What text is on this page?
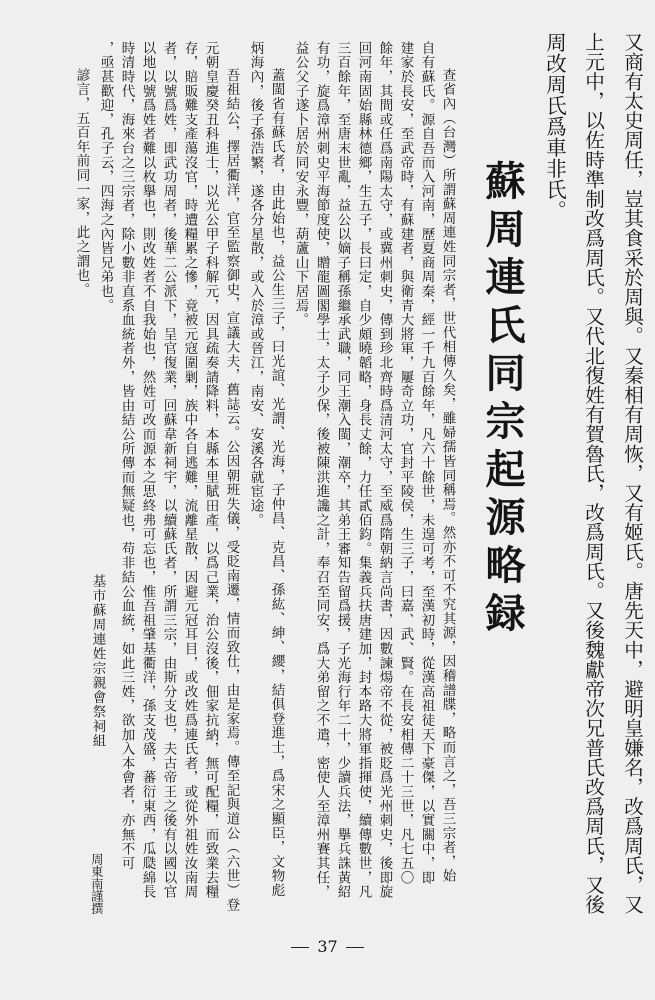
又商有太史周任，豈其食采於周與。又秦相有周恢，又有姬氏。唐先天中，避明皇嫌名，改爲周氏，又
上元中，以佐時準制改爲周氏。又代北復姓有賀魯氏，改爲周氏。又後魏獻帝次兄普氏改爲周氏，又後
周改周氏爲車非氏。
蘇周連氏同宗起源略録
查省內（台灣）所謂蘇周連姓同宗者，世代相傳久矣，雖婦孺皆同稱焉。然亦不可不究其源，因稽譜牒，略而言之，吾三宗者，始
自有蘇氏。源自吾而入河南，歷夏商周秦，經一千九百餘年，凡六十餘世，未遑可考，至漢初時，從漢高祖徒天下豪傑，以實關中，即
建家於長安，至武帝時，有蘇建者，與衛青大將軍，屢奇立功，官封平陵侯，生三子，曰嘉、武、賢。在長安相傳二十三世，凡七五〇
餘年，其間或任爲南陽太守，或冀州刺史，傳到珍北齊時爲清河太守，至威爲隋朝納言尚書，因數諫煬帝不從，被貶爲光州刺史，後即旋
回河南固始縣林德鄉，生五子，長曰定，自少頗曉韜略，身長丈餘，力任貳佰鈞。集義兵扶唐建加，封本路大將軍指揮使，續傳數世，凡
三百餘年，至唐末世亂，益公以嫡子稱孫繼承武職，同王潮入閩，潮卒，其弟王審知告留爲援，子光海行年二十，少讀兵法，擧兵誅黃紹
有功，旋爲漳州刺史平海節度使，贈龍圖閣學士，太子少保，後被陳洪進讒之計，奉召至同安，爲大弟留之不遣，密使人至漳州賽其任，
益公父子遂卜居於同安永豐，葫蘆山下居焉。
蓋閩省有蘇氏者，由此始也，益公生三子，曰光誼、光謂、光海，子仲昌、克昌、孫紘、紳、纓，結俱登進士，爲宋之顯臣，文物彪
炳海內，後子孫浩繁，遂各分星散，或入於漳或晉江，南安、安溪各就宦途。
吾祖結公，擇居衢洋，官至監察御史，宣議大夫，舊誌云。公因朝班失儀，受貶南遷，情而致仕，由是家焉。傳至記與道公（六世）登
元朝皇慶癸丑科進士，以光公甲子科解元，因具疏奏請降料，本縣本里賦田產，以爲己業，治公沒後，佃家抗納，無可配糧，而致業去糧
存，賠販難支產蕩沒官，時遭糧累之慘，竟被元寇圍剿，族中各自逃難，流離星散，因避元冠耳目，或改姓爲連氏者，或從外祖姓汝南周
者，以號爲姓，即武功周者，後華二公派下，呈官復業，回蘇韋新祠宇，以續蘇氏者，所謂三宗，由斯分支也，夫古帝王之後有以國以官
以地以號爲姓者難以枚擧也，則改姓者不自我始也，然姓可改而源本之思終弗可忘也，惟吾祖肇基衢洋，孫支茂盛，蕃衍東西，瓜瓞綿長
時清時代，海來台之三宗者，除小數非直系血統者外，皆由結公所傳而無疑也，苟非結公血統，如此三姓，欲加入本會者，亦無不可
，亟甚歡迎，孔子云，四海之內皆兄弟也。
諺言，五百年前同一家，此之謂也。
基市蘇周連姓宗親會祭祠組
周東南謹撰
37
